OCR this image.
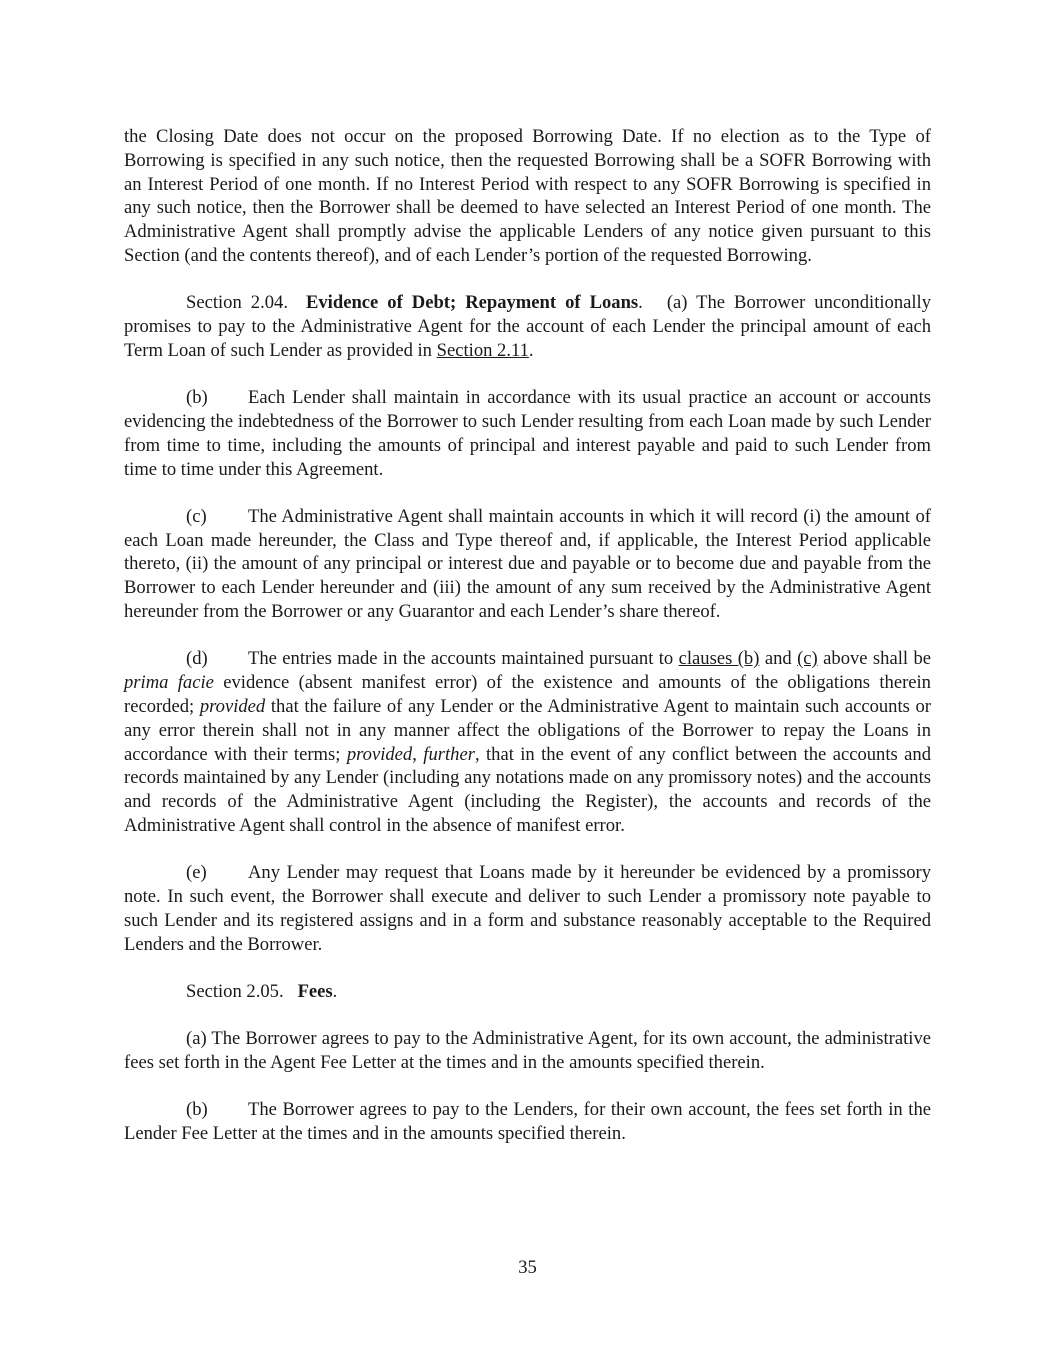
the Closing Date does not occur on the proposed Borrowing Date. If no election as to the Type of Borrowing is specified in any such notice, then the requested Borrowing shall be a SOFR Borrowing with an Interest Period of one month. If no Interest Period with respect to any SOFR Borrowing is specified in any such notice, then the Borrower shall be deemed to have selected an Interest Period of one month. The Administrative Agent shall promptly advise the applicable Lenders of any notice given pursuant to this Section (and the contents thereof), and of each Lender’s portion of the requested Borrowing.

Section 2.04. Evidence of Debt; Repayment of Loans. (a) The Borrower unconditionally promises to pay to the Administrative Agent for the account of each Lender the principal amount of each Term Loan of such Lender as provided in Section 2.11.

(b) Each Lender shall maintain in accordance with its usual practice an account or accounts evidencing the indebtedness of the Borrower to such Lender resulting from each Loan made by such Lender from time to time, including the amounts of principal and interest payable and paid to such Lender from time to time under this Agreement.

(c) The Administrative Agent shall maintain accounts in which it will record (i) the amount of each Loan made hereunder, the Class and Type thereof and, if applicable, the Interest Period applicable thereto, (ii) the amount of any principal or interest due and payable or to become due and payable from the Borrower to each Lender hereunder and (iii) the amount of any sum received by the Administrative Agent hereunder from the Borrower or any Guarantor and each Lender’s share thereof.

(d) The entries made in the accounts maintained pursuant to clauses (b) and (c) above shall be prima facie evidence (absent manifest error) of the existence and amounts of the obligations therein recorded; provided that the failure of any Lender or the Administrative Agent to maintain such accounts or any error therein shall not in any manner affect the obligations of the Borrower to repay the Loans in accordance with their terms; provided, further, that in the event of any conflict between the accounts and records maintained by any Lender (including any notations made on any promissory notes) and the accounts and records of the Administrative Agent (including the Register), the accounts and records of the Administrative Agent shall control in the absence of manifest error.

(e) Any Lender may request that Loans made by it hereunder be evidenced by a promissory note. In such event, the Borrower shall execute and deliver to such Lender a promissory note payable to such Lender and its registered assigns and in a form and substance reasonably acceptable to the Required Lenders and the Borrower.

Section 2.05. Fees.

(a) The Borrower agrees to pay to the Administrative Agent, for its own account, the administrative fees set forth in the Agent Fee Letter at the times and in the amounts specified therein.

(b) The Borrower agrees to pay to the Lenders, for their own account, the fees set forth in the Lender Fee Letter at the times and in the amounts specified therein.

35
